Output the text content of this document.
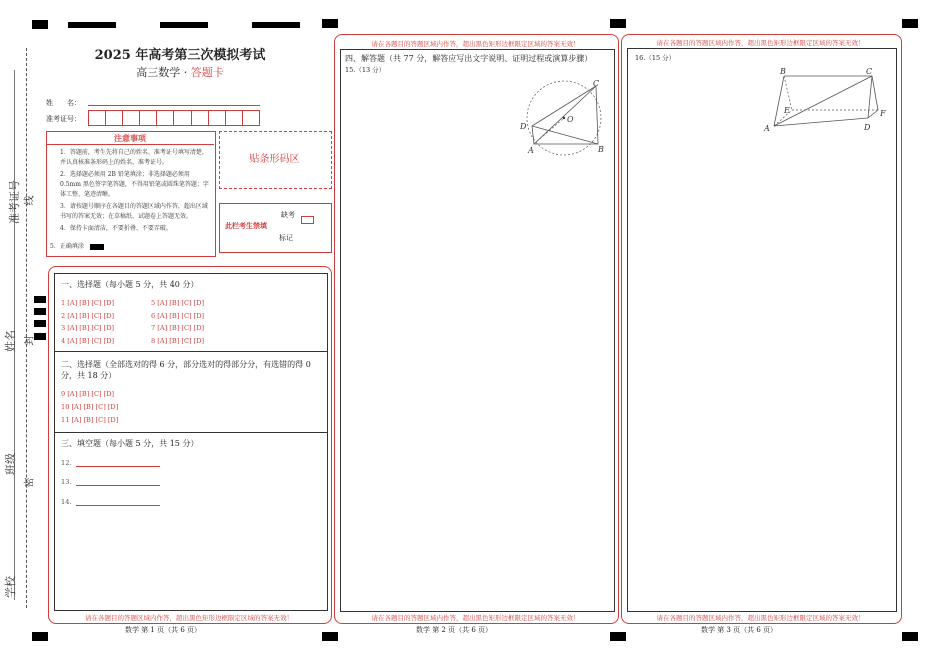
准考证号 线
姓名 封
班级
密
学校
2025 年高考第三次模拟考试
高三数学 · 答题卡
姓　　名：
准考证号：
注意事项
1．答题前，考生先将自己的姓名、准考证号填写清楚，并认真核准条形码上的姓名、准考证号。
2．选择题必须用 2B 铅笔填涂；非选择题必须用 0.5mm 黑色签字笔答题，不得用铅笔或圆珠笔答题；字体工整、笔迹清晰。
3．请按题号顺序在各题目的答题区域内作答，超出区域书写的答案无效；在草稿纸、试题卷上答题无效。
4．保持卡面清洁，不要折叠、不要弄破。
5．正确填涂
贴条形码区
此栏考生禁填
缺考
标记
一、选择题（每小题 5 分，共 40 分）
1 [A] [B] [C] [D]	5 [A] [B] [C] [D]
2 [A] [B] [C] [D]	6 [A] [B] [C] [D]
3 [A] [B] [C] [D]	7 [A] [B] [C] [D]
4 [A] [B] [C] [D]	8 [A] [B] [C] [D]
二、选择题（全部选对的得 6 分，部分选对的得部分分，有选错的得 0
分，共 18 分）
9 [A] [B] [C] [D]
10 [A] [B] [C] [D]
11 [A] [B] [C] [D]
三、填空题（每小题 5 分，共 15 分）
12.
13.
14.
请在各题目的答题区域内作答，超出黑色矩形边框限定区域的答案无效！
数学 第 1 页（共 6 页）
请在各题目的答题区域内作答，超出黑色矩形边框限定区域的答案无效！
四、解答题（共 77 分，解答应写出文字说明、证明过程或演算步骤）
15.（13 分）
C
D
O
A	B
请在各题目的答题区域内作答，超出黑色矩形边框限定区域的答案无效！
数学 第 2 页（共 6 页）
请在各题目的答题区域内作答，超出黑色矩形边框限定区域的答案无效！
16.（15 分）
B	C
E	F
A	D
请在各题目的答题区域内作答，超出黑色矩形边框限定区域的答案无效！
数学 第 3 页（共 6 页）
